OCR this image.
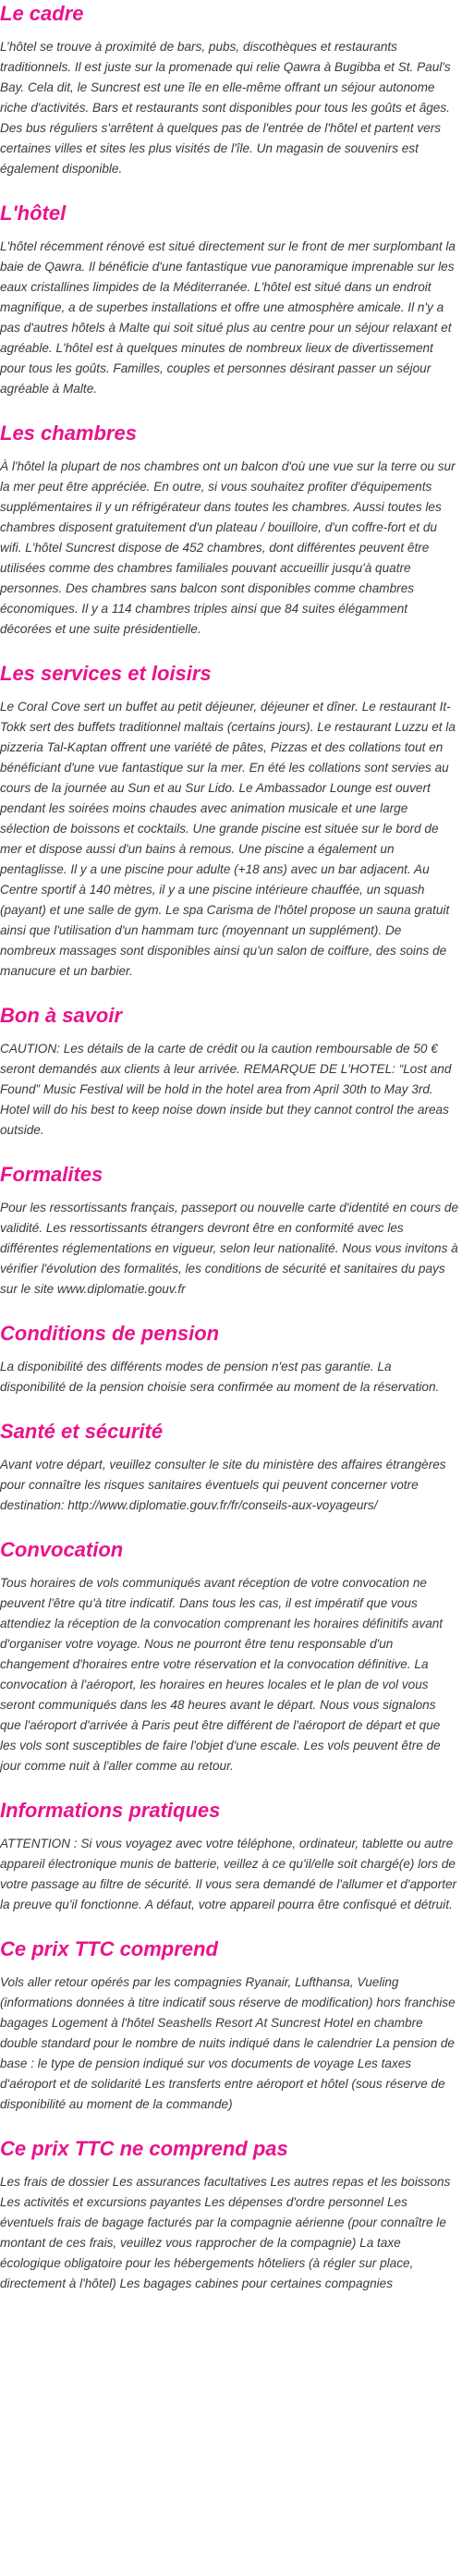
Le cadre

L’hôtel se trouve à proximité de bars, pubs, discothèques et restaurants traditionnels. Il est juste sur la promenade qui relie Qawra à Bugibba et St. Paul's Bay. Cela dit, le Suncrest est une île en elle-même offrant un séjour autonome riche d'activités. Bars et restaurants sont disponibles pour tous les goûts et âges. Des bus réguliers s'arrêtent à quelques pas de l'entrée de l'hôtel et partent vers certaines villes et sites les plus visités de l'île. Un magasin de souvenirs est également disponible.

L'hôtel

L'hôtel récemment rénové est situé directement sur le front de mer surplombant la baie de Qawra. Il bénéficie d'une fantastique vue panoramique imprenable sur les eaux cristallines limpides de la Méditerranée. L'hôtel est situé dans un endroit magnifique, a de superbes installations et offre une atmosphère amicale. Il n'y a pas d'autres hôtels à Malte qui soit situé plus au centre pour un séjour relaxant et agréable. L'hôtel est à quelques minutes de nombreux lieux de divertissement pour tous les goûts. Familles, couples et personnes désirant passer un séjour agréable à Malte.

Les chambres

À l'hôtel la plupart de nos chambres ont un balcon d'où une vue sur la terre ou sur la mer peut être appréciée. En outre, si vous souhaitez profiter d'équipements supplémentaires il y un réfrigérateur dans toutes les chambres. Aussi toutes les chambres disposent gratuitement d'un plateau / bouilloire, d'un coffre-fort et du wifi. L'hôtel Suncrest dispose de 452 chambres, dont différentes peuvent être utilisées comme des chambres familiales pouvant accueillir jusqu'à quatre personnes. Des chambres sans balcon sont disponibles comme chambres économiques. Il y a 114 chambres triples ainsi que 84 suites élégamment décorées et une suite présidentielle.

Les services et loisirs

Le Coral Cove sert un buffet au petit déjeuner, déjeuner et dîner. Le restaurant It-Tokk sert des buffets traditionnel maltais (certains jours). Le restaurant Luzzu et la pizzeria Tal-Kaptan offrent une variété de pâtes, Pizzas et des collations tout en bénéficiant d'une vue fantastique sur la mer. En été les collations sont servies au cours de la journée au Sun et au Sur Lido. Le Ambassador Lounge est ouvert pendant les soirées moins chaudes avec animation musicale et une large sélection de boissons et cocktails. Une grande piscine est située sur le bord de mer et dispose aussi d'un bains à remous. Une piscine a également un pentaglisse. Il y a une piscine pour adulte (+18 ans) avec un bar adjacent. Au Centre sportif à 140 mètres, il y a une piscine intérieure chauffée, un squash (payant) et une salle de gym. Le spa Carisma de l'hôtel propose un sauna gratuit ainsi que l'utilisation d'un hammam turc (moyennant un supplément). De nombreux massages sont disponibles ainsi qu'un salon de coiffure, des soins de manucure et un barbier.

Bon à savoir

CAUTION: Les détails de la carte de crédit ou la caution remboursable de 50 € seront demandés aux clients à leur arrivée. REMARQUE DE L'HOTEL: “Lost and Found” Music Festival will be hold in the hotel area from April 30th to May 3rd. Hotel will do his best to keep noise down inside but they cannot control the areas outside.

Formalites

Pour les ressortissants français, passeport ou nouvelle carte d'identité en cours de validité. Les ressortissants étrangers devront être en conformité avec les différentes réglementations en vigueur, selon leur nationalité. Nous vous invitons à vérifier l'évolution des formalités, les conditions de sécurité et sanitaires du pays sur le site www.diplomatie.gouv.fr

Conditions de pension

La disponibilité des différents modes de pension n'est pas garantie. La disponibilité de la pension choisie sera confirmée au moment de la réservation.

Santé et sécurité

Avant votre départ, veuillez consulter le site du ministère des affaires étrangères pour connaître les risques sanitaires éventuels qui peuvent concerner votre destination: http://www.diplomatie.gouv.fr/fr/conseils-aux-voyageurs/

Convocation

Tous horaires de vols communiqués avant réception de votre convocation ne peuvent l'être qu'à titre indicatif. Dans tous les cas, il est impératif que vous attendiez la réception de la convocation comprenant les horaires définitifs avant d'organiser votre voyage. Nous ne pourront être tenu responsable d'un changement d'horaires entre votre réservation et la convocation définitive. La convocation à l'aéroport, les horaires en heures locales et le plan de vol vous seront communiqués dans les 48 heures avant le départ. Nous vous signalons que l'aéroport d'arrivée à Paris peut être différent de l'aéroport de départ et que les vols sont susceptibles de faire l'objet d'une escale. Les vols peuvent être de jour comme nuit à l'aller comme au retour.

Informations pratiques

ATTENTION : Si vous voyagez avec votre téléphone, ordinateur, tablette ou autre appareil électronique munis de batterie, veillez à ce qu'il/elle soit chargé(e) lors de votre passage au filtre de sécurité. Il vous sera demandé de l'allumer et d'apporter la preuve qu'il fonctionne. A défaut, votre appareil pourra être confisqué et détruit.

Ce prix TTC comprend

Vols aller retour opérés par les compagnies Ryanair, Lufthansa, Vueling (informations données à titre indicatif sous réserve de modification) hors franchise bagages Logement à l'hôtel Seashells Resort At Suncrest Hotel en chambre double standard pour le nombre de nuits indiqué dans le calendrier La pension de base : le type de pension indiqué sur vos documents de voyage Les taxes d'aéroport et de solidarité Les transferts entre aéroport et hôtel (sous réserve de disponibilité au moment de la commande)

Ce prix TTC ne comprend pas

Les frais de dossier Les assurances facultatives Les autres repas et les boissons Les activités et excursions payantes Les dépenses d'ordre personnel Les éventuels frais de bagage facturés par la compagnie aérienne (pour connaître le montant de ces frais, veuillez vous rapprocher de la compagnie) La taxe écologique obligatoire pour les hébergements hôteliers (à régler sur place, directement à l'hôtel) Les bagages cabines pour certaines compagnies
